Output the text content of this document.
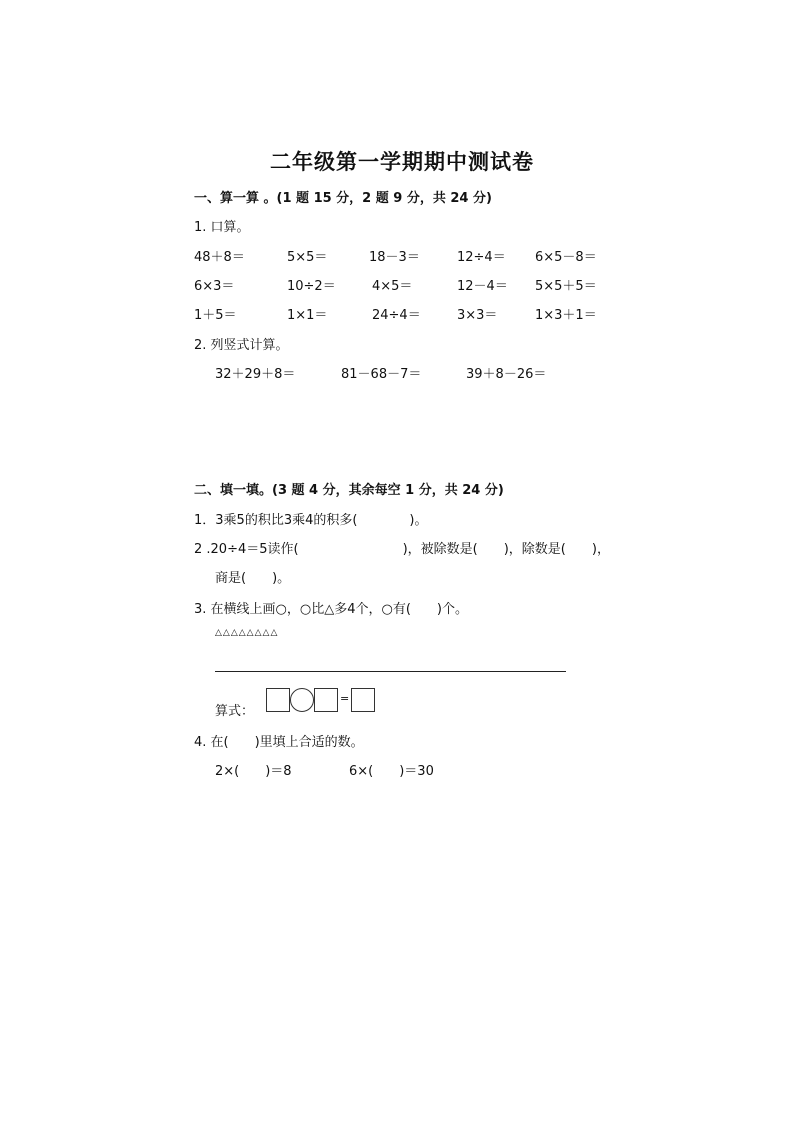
二年级第一学期期中测试卷
一、算一算 。(1 题 15 分，2 题 9 分，共 24 分)
1. 口算。
48＋8＝	5×5＝	18－3＝	12÷4＝ 6×5－8＝
6×3＝	10÷2＝	4×5＝	12－4＝ 5×5＋5＝
1＋5＝	1×1＝	24÷4＝	3×3＝	1×3＋1＝
2. 列竖式计算。
32＋29＋8＝	81－68－7＝	39＋8－26＝
二、填一填。(3 题 4 分，其余每空 1 分，共 24 分)
1．3乘5的积比3乘4的积多(　　　　)。
2 .20÷4＝5读作(　　　　　　　　)，被除数是(　　)，除数是(　　)，
商是(　　)。
3. 在横线上画○，○比△多4个，○有(　　)个。
△△△△△△△△
算式：
=
4. 在(　　)里填上合适的数。
2×(　　)＝8	6×(　　)＝30
